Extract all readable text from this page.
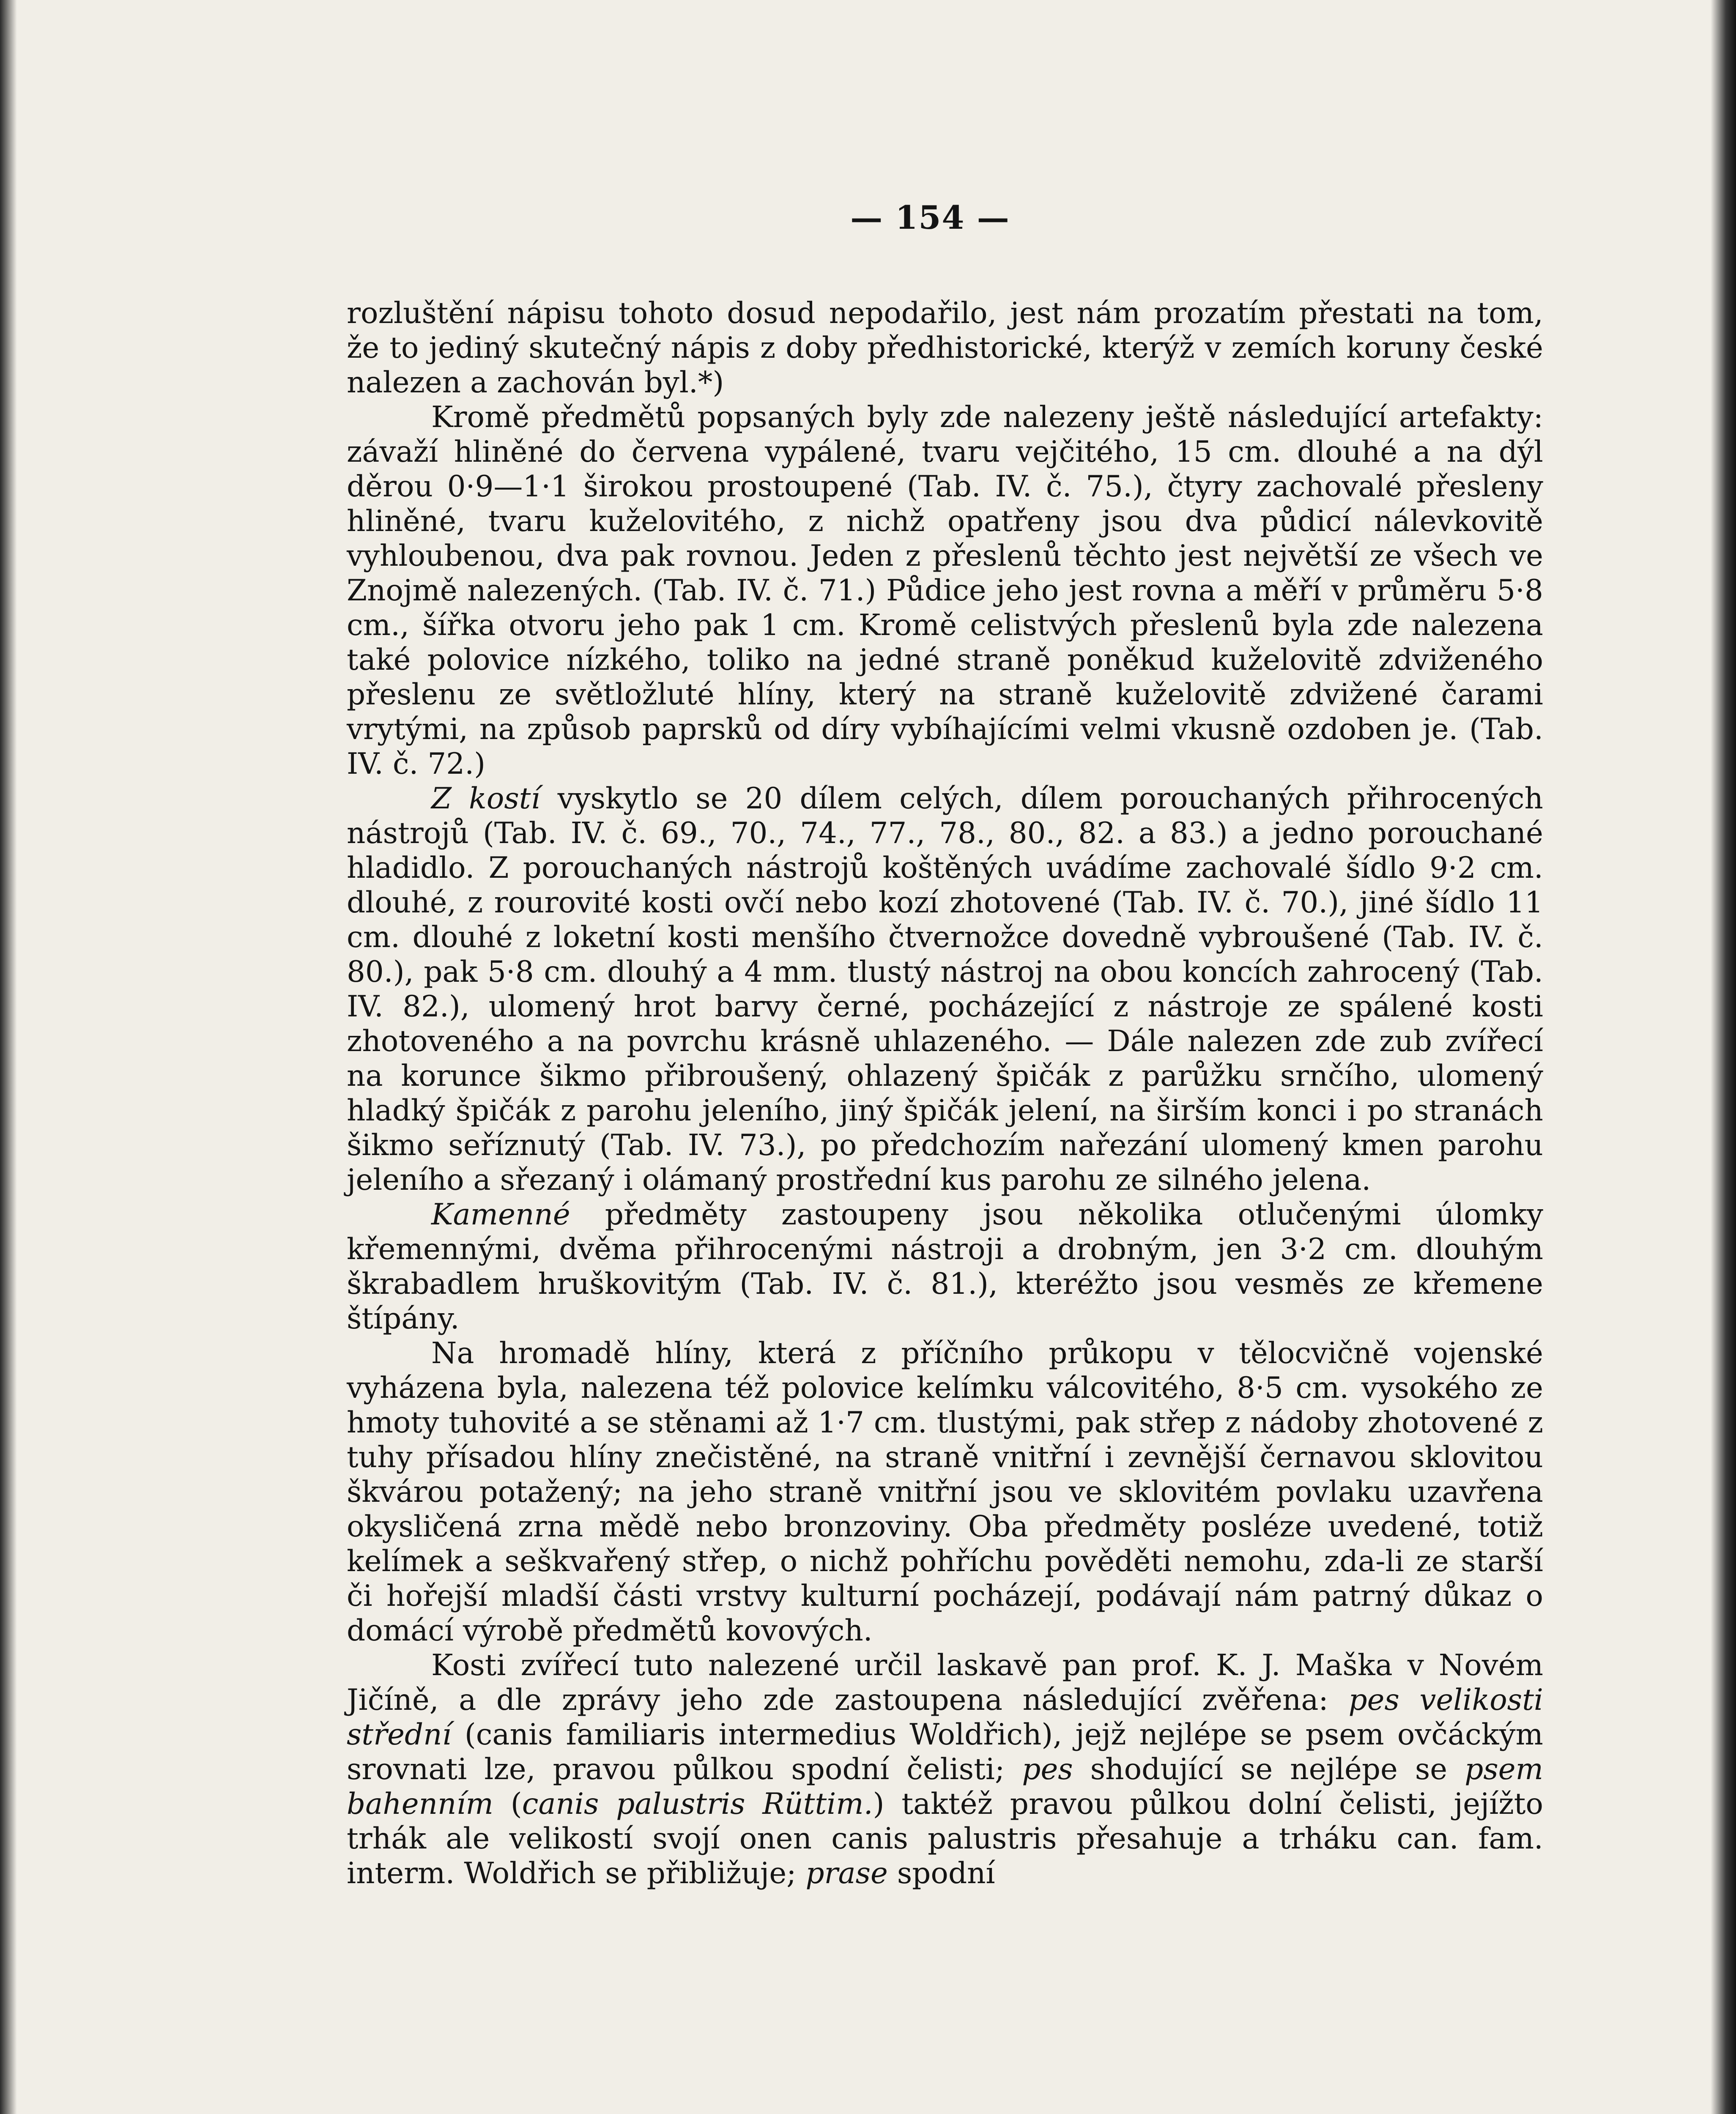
— 154 —

rozluštění nápisu tohoto dosud nepodařilo, jest nám prozatím přestati na tom, že to jediný skutečný nápis z doby předhistorické, kterýž v zemích koruny české nalezen a zachován byl.*)

Kromě předmětů popsaných byly zde nalezeny ještě následující artefakty: závaží hliněné do červena vypálené, tvaru vejčitého, 15 cm. dlouhé a na dýl děrou 0·9—1·1 širokou prostoupené (Tab. IV. č. 75.), čtyry zachovalé přesleny hliněné, tvaru kuželovitého, z nichž opatřeny jsou dva půdicí nálevkovitě vyhloubenou, dva pak rovnou. Jeden z přeslenů těchto jest největší ze všech ve Znojmě nalezených. (Tab. IV. č. 71.) Půdice jeho jest rovna a měří v průměru 5·8 cm., šířka otvoru jeho pak 1 cm. Kromě celistvých přeslenů byla zde nalezena také polovice nízkého, toliko na jedné straně poněkud kuželovitě zdviženého přeslenu ze světložluté hlíny, který na straně kuželovitě zdvižené čarami vrytými, na způsob paprsků od díry vybíhajícími velmi vkusně ozdoben je. (Tab. IV. č. 72.)

Z kostí vyskytlo se 20 dílem celých, dílem porouchaných přihrocených nástrojů (Tab. IV. č. 69., 70., 74., 77., 78., 80., 82. a 83.) a jedno porouchané hladidlo. Z porouchaných nástrojů koštěných uvádíme zachovalé šídlo 9·2 cm. dlouhé, z rourovité kosti ovčí nebo kozí zhotovené (Tab. IV. č. 70.), jiné šídlo 11 cm. dlouhé z loketní kosti menšího čtvernožce dovedně vybroušené (Tab. IV. č. 80.), pak 5·8 cm. dlouhý a 4 mm. tlustý nástroj na obou koncích zahrocený (Tab. IV. 82.), ulomený hrot barvy černé, pocházející z nástroje ze spálené kosti zhotoveného a na povrchu krásně uhlazeného. — Dále nalezen zde zub zvířecí na korunce šikmo přibroušený, ohlazený špičák z parůžku srnčího, ulomený hladký špičák z parohu jeleního, jiný špičák jelení, na širším konci i po stranách šikmo seříznutý (Tab. IV. 73.), po předchozím nařezání ulomený kmen parohu jeleního a sřezaný i olámaný prostřední kus parohu ze silného jelena.

Kamenné předměty zastoupeny jsou několika otlučenými úlomky křemennými, dvěma přihrocenými nástroji a drobným, jen 3·2 cm. dlouhým škrabadlem hruškovitým (Tab. IV. č. 81.), kteréžto jsou vesměs ze křemene štípány.

Na hromadě hlíny, která z příčního průkopu v tělocvičně vojenské vyházena byla, nalezena též polovice kelímku válcovitého, 8·5 cm. vysokého ze hmoty tuhovité a se stěnami až 1·7 cm. tlustými, pak střep z nádoby zhotovené z tuhy přísadou hlíny znečistěné, na straně vnitřní i zevnější černavou sklovitou škvárou potažený; na jeho straně vnitřní jsou ve sklovitém povlaku uzavřena okysličená zrna mědě nebo bronzoviny. Oba předměty posléze uvedené, totiž kelímek a seškvařený střep, o nichž pohříchu pověděti nemohu, zda-li ze starší či hořejší mladší části vrstvy kulturní pocházejí, podávají nám patrný důkaz o domácí výrobě předmětů kovových.

Kosti zvířecí tuto nalezené určil laskavě pan prof. K. J. Maška v Novém Jičíně, a dle zprávy jeho zde zastoupena následující zvěřena: pes velikosti střední (canis familiaris intermedius Woldřich), jejž nejlépe se psem ovčáckým srovnati lze, pravou půlkou spodní čelisti; pes shodující se nejlépe se psem bahenním (canis palustris Rüttim.) taktéž pravou půlkou dolní čelisti, jejížto trhák ale velikostí svojí onen canis palustris přesahuje a trháku can. fam. interm. Woldřich se přibližuje; prase spodní
